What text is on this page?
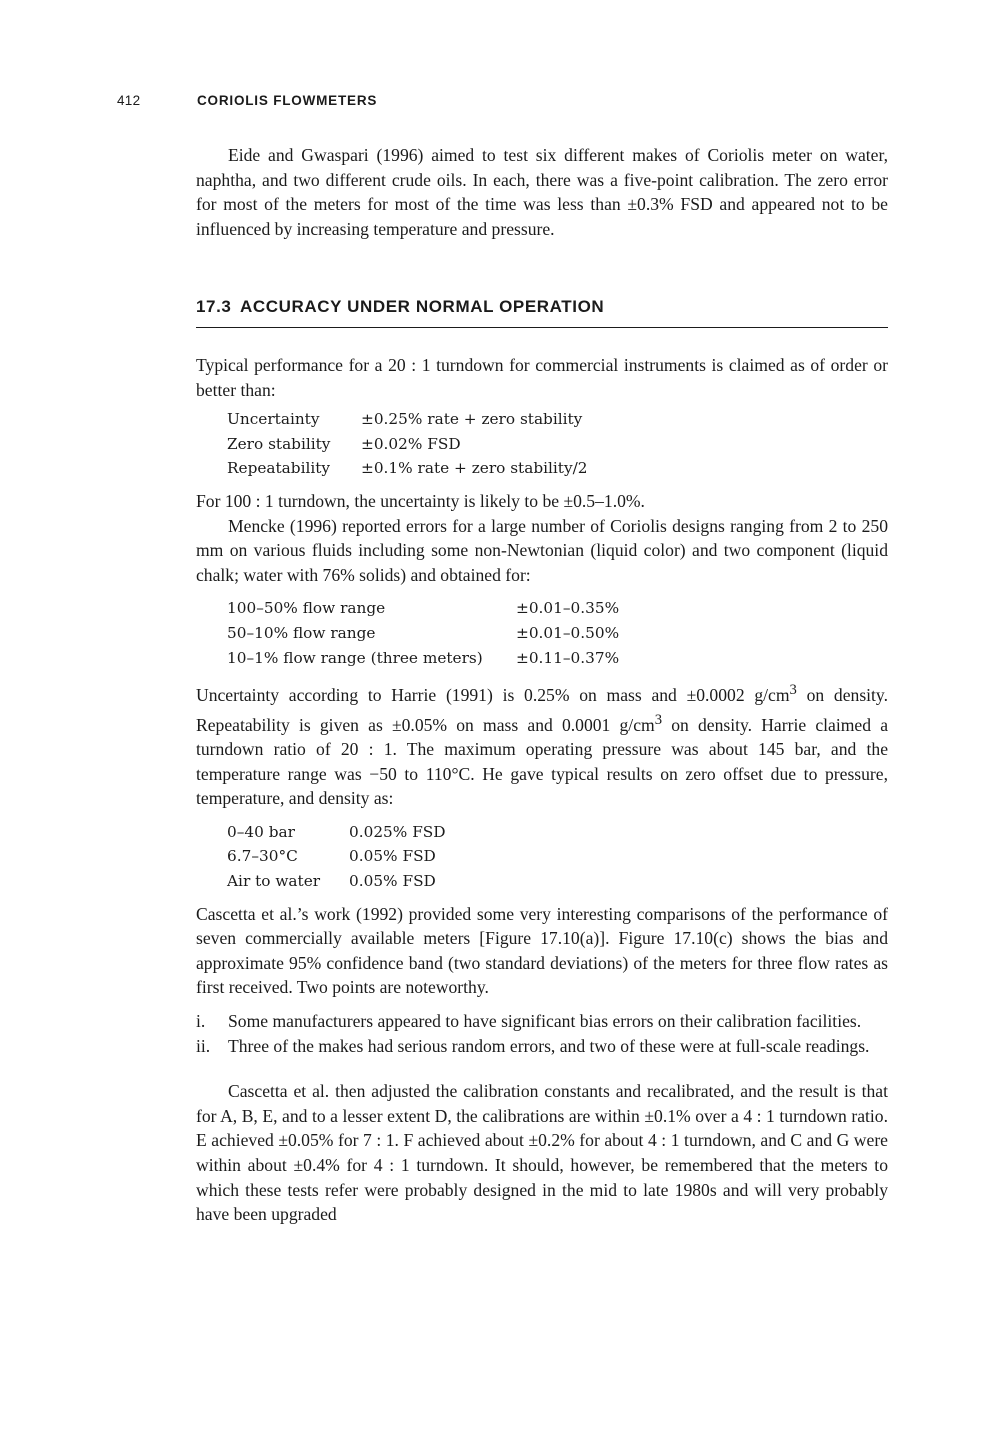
412	CORIOLIS FLOWMETERS

Eide and Gwaspari (1996) aimed to test six different makes of Coriolis meter on water, naphtha, and two different crude oils. In each, there was a five-point calibration. The zero error for most of the meters for most of the time was less than ±0.3% FSD and appeared not to be influenced by increasing temperature and pressure.

17.3 ACCURACY UNDER NORMAL OPERATION

Typical performance for a 20 : 1 turndown for commercial instruments is claimed as of order or better than:

Uncertainty	±0.25% rate + zero stability
Zero stability	±0.02% FSD
Repeatability	±0.1% rate + zero stability/2

For 100 : 1 turndown, the uncertainty is likely to be ±0.5–1.0%.

Mencke (1996) reported errors for a large number of Coriolis designs ranging from 2 to 250 mm on various fluids including some non-Newtonian (liquid color) and two component (liquid chalk; water with 76% solids) and obtained for:

100–50% flow range	±0.01–0.35%
50–10% flow range	±0.01–0.50%
10–1% flow range (three meters)	±0.11–0.37%

Uncertainty according to Harrie (1991) is 0.25% on mass and ±0.0002 $g/cm^3$ on density. Repeatability is given as ±0.05% on mass and 0.0001 $g/cm^3$ on density. Harrie claimed a turndown ratio of 20 : 1. The maximum operating pressure was about 145 bar, and the temperature range was −50 to 110°C. He gave typical results on zero offset due to pressure, temperature, and density as:

0–40 bar	0.025% FSD
6.7–30°C	0.05% FSD
Air to water	0.05% FSD

Cascetta et al.’s work (1992) provided some very interesting comparisons of the performance of seven commercially available meters [Figure 17.10(a)]. Figure 17.10(c) shows the bias and approximate 95% confidence band (two standard deviations) of the meters for three flow rates as first received. Two points are noteworthy.

i. Some manufacturers appeared to have significant bias errors on their calibration facilities.
ii. Three of the makes had serious random errors, and two of these were at full-scale readings.

Cascetta et al. then adjusted the calibration constants and recalibrated, and the result is that for A, B, E, and to a lesser extent D, the calibrations are within ±0.1% over a 4 : 1 turndown ratio. E achieved ±0.05% for 7 : 1. F achieved about ±0.2% for about 4 : 1 turndown, and C and G were within about ±0.4% for 4 : 1 turndown. It should, however, be remembered that the meters to which these tests refer were probably designed in the mid to late 1980s and will very probably have been upgraded
